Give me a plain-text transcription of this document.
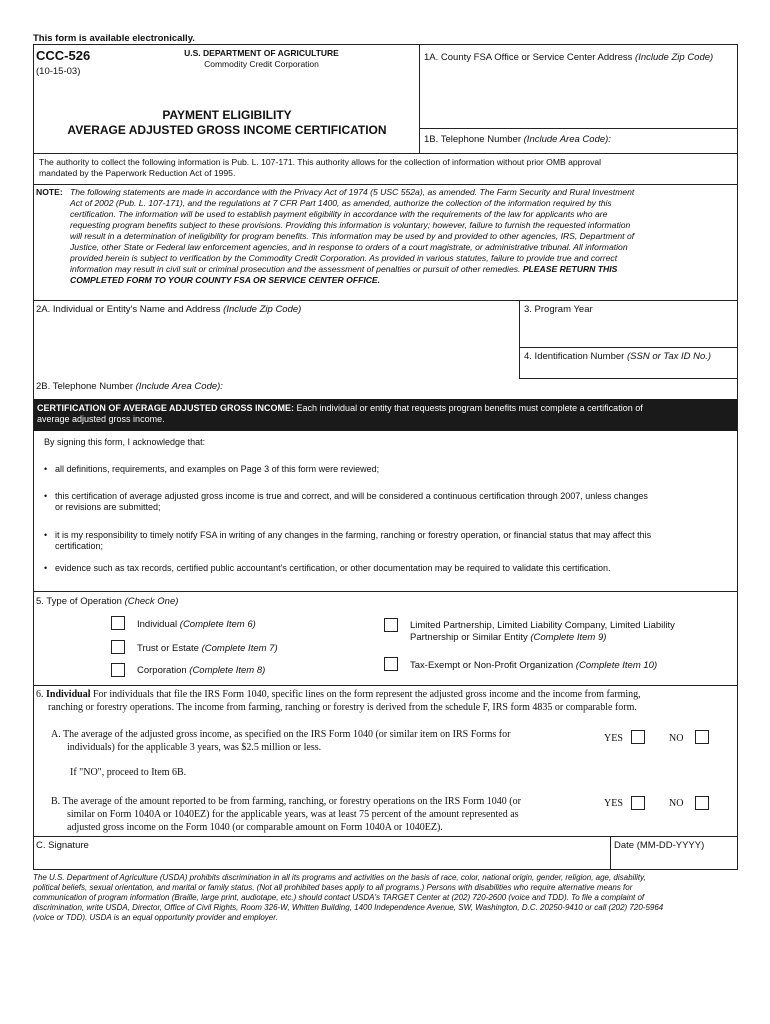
This form is available electronically.
CCC-526
(10-15-03)
U.S. DEPARTMENT OF AGRICULTURE
Commodity Credit Corporation
PAYMENT ELIGIBILITY
AVERAGE ADJUSTED GROSS INCOME CERTIFICATION
1A. County FSA Office or Service Center Address (Include Zip Code)
1B. Telephone Number (Include Area Code):
The authority to collect the following information is Pub. L. 107-171. This authority allows for the collection of information without prior OMB approval
mandated by the Paperwork Reduction Act of 1995.
NOTE: The following statements are made in accordance with the Privacy Act of 1974 (5 USC 552a), as amended. The Farm Security and Rural Investment
Act of 2002 (Pub. L. 107-171), and the regulations at 7 CFR Part 1400, as amended, authorize the collection of the information required by this
certification. The information will be used to establish payment eligibility in accordance with the requirements of the law for applicants who are
requesting program benefits subject to these provisions. Providing this information is voluntary; however, failure to furnish the requested information
will result in a determination of ineligibility for program benefits. This information may be used by and provided to other agencies, IRS, Department of
Justice, other State or Federal law enforcement agencies, and in response to orders of a court magistrate, or administrative tribunal. All information
provided herein is subject to verification by the Commodity Credit Corporation. As provided in various statutes, failure to provide true and correct
information may result in civil suit or criminal prosecution and the assessment of penalties or pursuit of other remedies. PLEASE RETURN THIS
COMPLETED FORM TO YOUR COUNTY FSA OR SERVICE CENTER OFFICE.
2A. Individual or Entity's Name and Address (Include Zip Code)	3. Program Year
4. Identification Number (SSN or Tax ID No.)
2B. Telephone Number (Include Area Code):
CERTIFICATION OF AVERAGE ADJUSTED GROSS INCOME: Each individual or entity that requests program benefits must complete a certification of
average adjusted gross income.
By signing this form, I acknowledge that:
• all definitions, requirements, and examples on Page 3 of this form were reviewed;
• this certification of average adjusted gross income is true and correct, and will be considered a continuous certification through 2007, unless changes
or revisions are submitted;
• it is my responsibility to timely notify FSA in writing of any changes in the farming, ranching or forestry operation, or financial status that may affect this
certification;
• evidence such as tax records, certified public accountant's certification, or other documentation may be required to validate this certification.
5. Type of Operation (Check One)
Individual (Complete Item 6)
Trust or Estate (Complete Item 7)
Corporation (Complete Item 8)
Limited Partnership, Limited Liability Company, Limited Liability
Partnership or Similar Entity (Complete Item 9)
Tax-Exempt or Non-Profit Organization (Complete Item 10)
6. Individual For individuals that file the IRS Form 1040, specific lines on the form represent the adjusted gross income and the income from farming,
ranching or forestry operations. The income from farming, ranching or forestry is derived from the schedule F, IRS form 4835 or comparable form.
A. The average of the adjusted gross income, as specified on the IRS Form 1040 (or similar item on IRS Forms for
individuals) for the applicable 3 years, was $2.5 million or less.
YES	NO
If "NO", proceed to Item 6B.
B. The average of the amount reported to be from farming, ranching, or forestry operations on the IRS Form 1040 (or
similar on Form 1040A or 1040EZ) for the applicable years, was at least 75 percent of the amount represented as
adjusted gross income on the Form 1040 (or comparable amount on Form 1040A or 1040EZ).
YES	NO
C. Signature	Date (MM-DD-YYYY)
The U.S. Department of Agriculture (USDA) prohibits discrimination in all its programs and activities on the basis of race, color, national origin, gender, religion, age, disability,
political beliefs, sexual orientation, and marital or family status. (Not all prohibited bases apply to all programs.) Persons with disabilities who require alternative means for
communication of program information (Braille, large print, audiotape, etc.) should contact USDA's TARGET Center at (202) 720-2600 (voice and TDD). To file a complaint of
discrimination, write USDA, Director, Office of Civil Rights, Room 326-W, Whitten Building, 1400 Independence Avenue, SW, Washington, D.C. 20250-9410 or call (202) 720-5964
(voice or TDD). USDA is an equal opportunity provider and employer.
